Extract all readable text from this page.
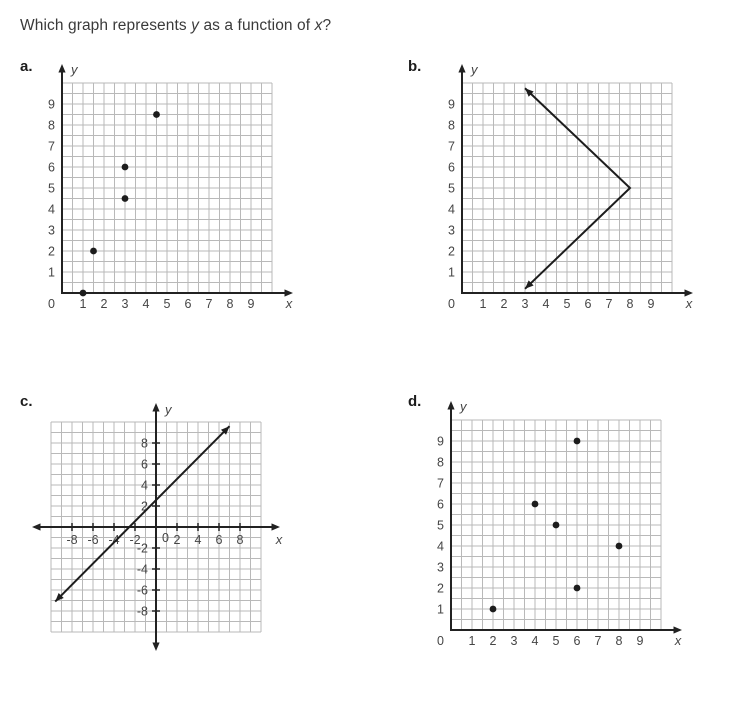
Which graph represents y as a function of x?
a.	b.
c.	d.
1 2 3 4 5 6 7 8 9
1
2
3
4
5
6
7
8
9
0	x
y
1 2 3 4 5 6 7 8 9
1
2
3
4
5
6
7
8
9
0	x
y
-8 -6 -4 -2	2 4 6 8
8
6
4
2
-2
-4
-6
-8
0	x
y
1 2 3 4 5 6 7 8 9
1
2
3
4
5
6
7
8
9
0	x
y
